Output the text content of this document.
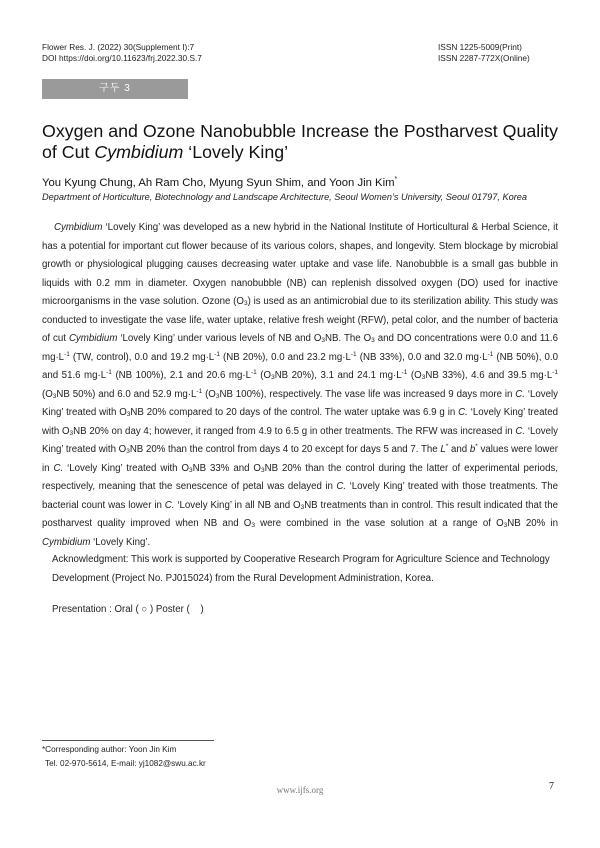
Flower Res. J. (2022) 30(Supplement I):7
DOI https://doi.org/10.11623/frj.2022.30.S.7
ISSN 1225-5009(Print)
ISSN 2287-772X(Online)
구두 3
Oxygen and Ozone Nanobubble Increase the Postharvest Quality
of Cut Cymbidium ‘Lovely King’
You Kyung Chung, Ah Ram Cho, Myung Syun Shim, and Yoon Jin Kim*
Department of Horticulture, Biotechnology and Landscape Architecture, Seoul Women’s University, Seoul 01797, Korea

Cymbidium ‘Lovely King’ was developed as a new hybrid in the National Institute of Horticultural & Herbal Science, it has a potential for important cut flower because of its various colors, shapes, and longevity. Stem blockage by microbial growth or physiological plugging causes decreasing water uptake and vase life. Nanobubble is a small gas bubble in liquids with 0.2 mm in diameter. Oxygen nanobubble (NB) can replenish dissolved oxygen (DO) used for inactive microorganisms in the vase solution. Ozone $(O_3)$ is used as an antimicrobial due to its sterilization ability. This study was conducted to investigate the vase life, water uptake, relative fresh weight (RFW), petal color, and the number of bacteria of cut Cymbidium ‘Lovely King’ under various levels of NB and $O_3NB$. The $O_3$ and DO concentrations were 0.0 and 11.6 $mg\cdot L^{-1}$ (TW, control), 0.0 and 19.2 $mg\cdot L^{-1}$ (NB 20%), 0.0 and 23.2 $mg\cdot L^{-1}$ (NB 33%), 0.0 and 32.0 $mg\cdot L^{-1}$ (NB 50%), 0.0 and 51.6 $mg\cdot L^{-1}$ (NB 100%), 2.1 and 20.6 $mg\cdot L^{-1}$ ($O_3NB$ 20%), 3.1 and 24.1 $mg\cdot L^{-1}$ ($O_3NB$ 33%), 4.6 and 39.5 $mg\cdot L^{-1}$ ($O_3NB$ 50%) and 6.0 and 52.9 $mg\cdot L^{-1}$ ($O_3NB$ 100%), respectively. The vase life was increased 9 days more in C. ‘Lovely King’ treated with $O_3NB$ 20% compared to 20 days of the control. The water uptake was 6.9 g in C. ‘Lovely King’ treated with $O_3NB$ 20% on day 4; however, it ranged from 4.9 to 6.5 g in other treatments. The RFW was increased in C. ‘Lovely King’ treated with $O_3NB$ 20% than the control from days 4 to 20 except for days 5 and 7. The L* and b* values were lower in C. ‘Lovely King’ treated with $O_3NB$ 33% and $O_3NB$ 20% than the control during the latter of experimental periods, respectively, meaning that the senescence of petal was delayed in C. ‘Lovely King’ treated with those treatments. The bacterial count was lower in C. ‘Lovely King’ in all NB and $O_3NB$ treatments than in control. This result indicated that the postharvest quality improved when NB and $O_3$ were combined in the vase solution at a range of $O_3NB$ 20% in Cymbidium ‘Lovely King’.

Acknowledgment: This work is supported by Cooperative Research Program for Agriculture Science and Technology Development (Project No. PJ015024) from the Rural Development Administration, Korea.

Presentation : Oral ( ○ ) Poster (    )
*Corresponding author: Yoon Jin Kim
Tel. 02-970-5614, E-mail: yj1082@swu.ac.kr
www.ijfs.org	7
